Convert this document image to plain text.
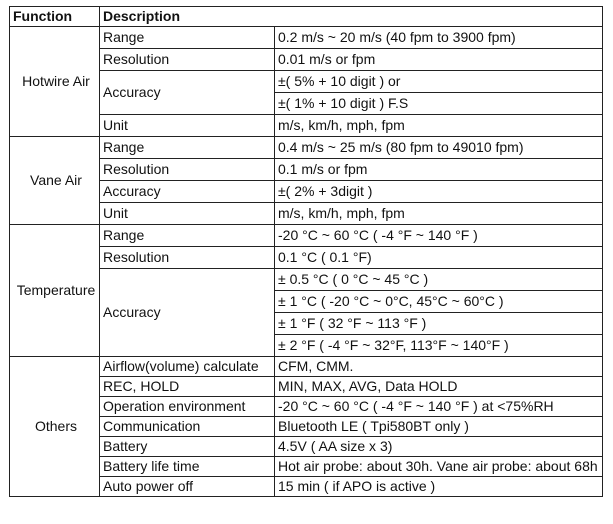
Function	Description	
Hotwire Air	Range	0.2 m/s ~ 20 m/s (40 fpm to 3900 fpm)
	Resolution	0.01 m/s or fpm
	Accuracy	±( 5% + 10 digit ) or
		±( 1% + 10 digit ) F.S
	Unit	m/s, km/h, mph, fpm
Vane Air	Range	0.4 m/s ~ 25 m/s (80 fpm to 49010 fpm)
	Resolution	0.1 m/s or fpm
	Accuracy	±( 2% + 3digit )
	Unit	m/s, km/h, mph, fpm
Temperature	Range	-20 °C ~ 60 °C ( -4 °F ~ 140 °F )
	Resolution	0.1 °C ( 0.1 °F)
	Accuracy	± 0.5 °C ( 0 °C ~ 45 °C )
		± 1 °C ( -20 °C ~ 0°C, 45°C ~ 60°C )
		± 1 °F ( 32 °F ~ 113 °F )
		± 2 °F ( -4 °F ~ 32°F, 113°F ~ 140°F )
Others	Airflow(volume) calculate	CFM, CMM.
	REC, HOLD	MIN, MAX, AVG, Data HOLD
	Operation environment	-20 °C ~ 60 °C ( -4 °F ~ 140 °F ) at <75%RH
	Communication	Bluetooth LE ( Tpi580BT only )
	Battery	4.5V ( AA size x 3)
	Battery life time	Hot air probe: about 30h. Vane air probe: about 68h
	Auto power off	15 min ( if APO is active )
